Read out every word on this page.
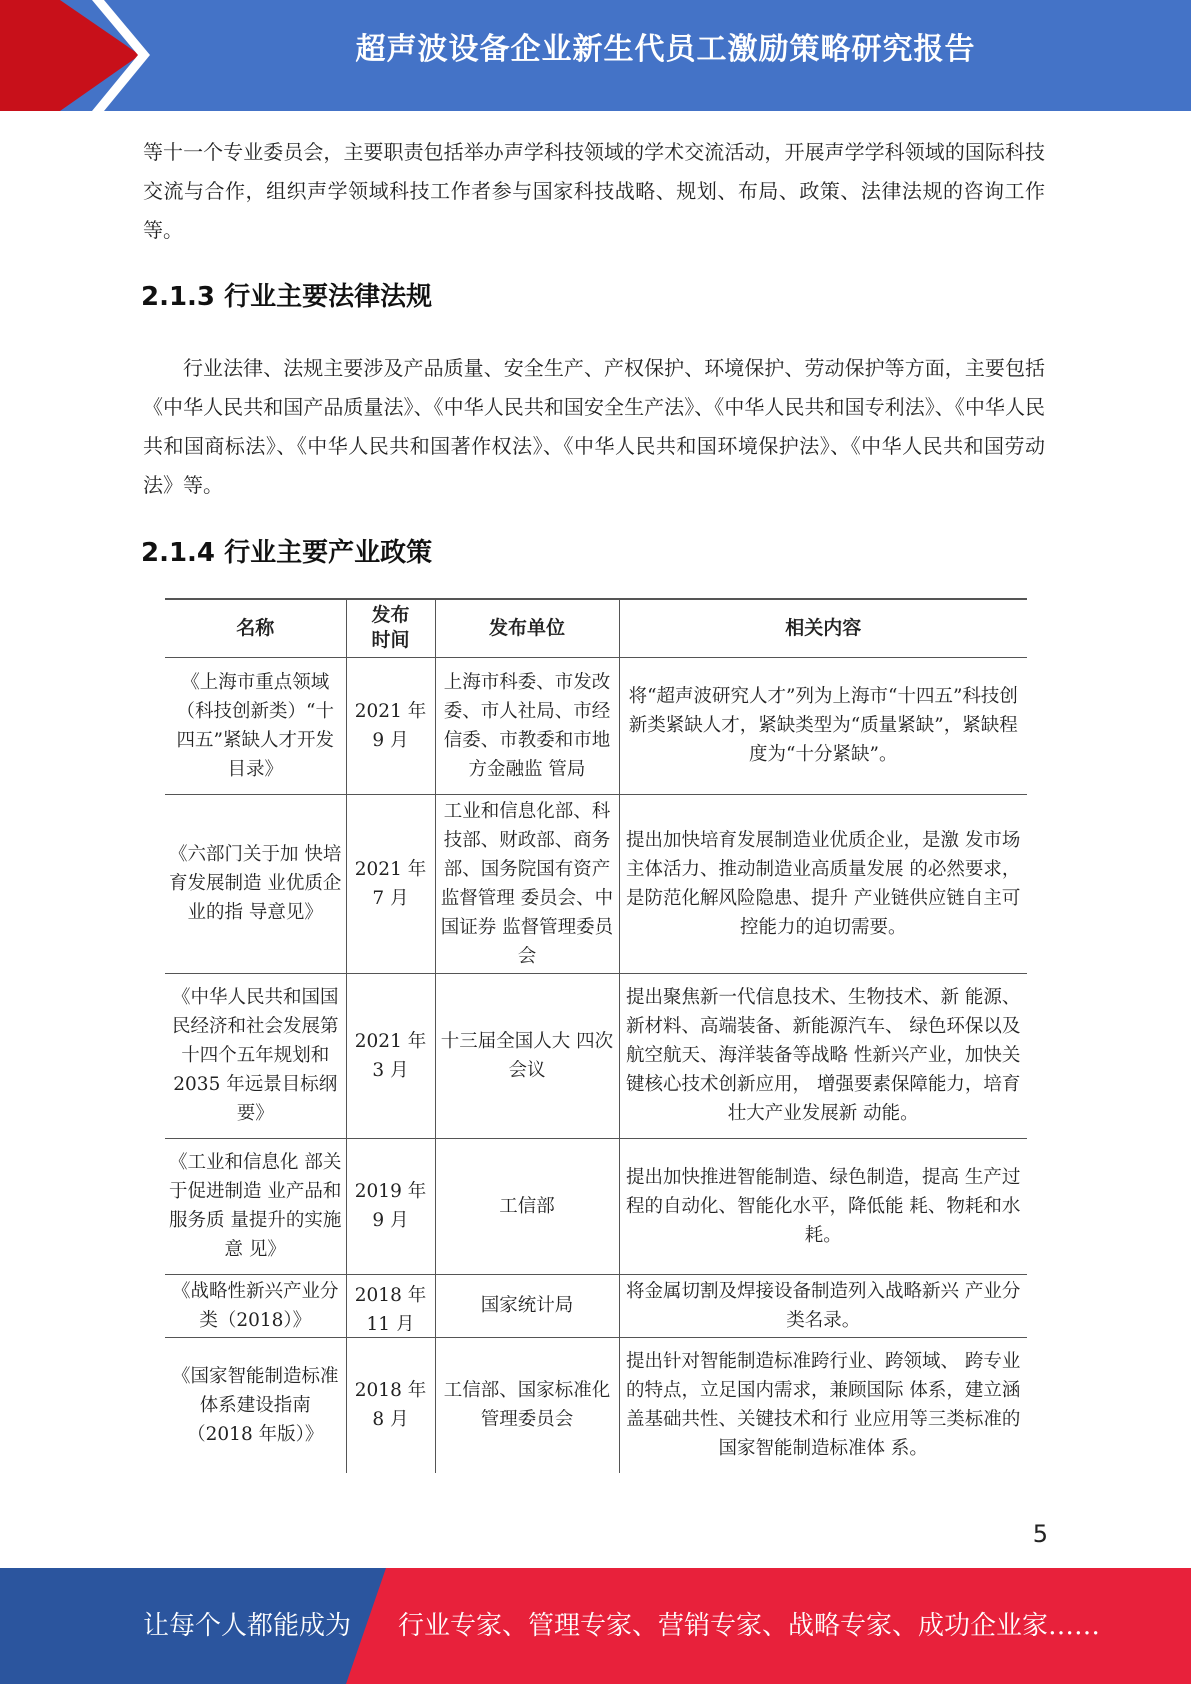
超声波设备企业新生代员工激励策略研究报告

等十一个专业委员会，主要职责包括举办声学科技领域的学术交流活动，开展声学学科领域的国际科技交流与合作，组织声学领域科技工作者参与国家科技战略、规划、布局、政策、法律法规的咨询工作等。

2.1.3 行业主要法律法规

行业法律、法规主要涉及产品质量、安全生产、产权保护、环境保护、劳动保护等方面，主要包括《中华人民共和国产品质量法》、《中华人民共和国安全生产法》、《中华人民共和国专利法》、《中华人民共和国商标法》、《中华人民共和国著作权法》、《中华人民共和国环境保护法》、《中华人民共和国劳动法》等。

2.1.4 行业主要产业政策
名称	发布时间	发布单位	相关内容
《上海市重点领域（科技创新类）“十四五”紧缺人才开发目录》	2021 年 9 月	上海市科委、市发改委、市人社局、市经信委、市教委和市地方金融监 管局	将“超声波研究人才”列为上海市“十四五”科技创新类紧缺人才，紧缺类型为“质量紧缺”，紧缺程度为“十分紧缺”。
《六部门关于加 快培育发展制造 业优质企业的指 导意见》	2021 年 7 月	工业和信息化部、科技部、财政部、商务部、国务院国有资产监督管理 委员会、中国证券 监督管理委员会	提出加快培育发展制造业优质企业，是激 发市场主体活力、推动制造业高质量发展 的必然要求，是防范化解风险隐患、提升 产业链供应链自主可控能力的迫切需要。
《中华人民共和国国民经济和社会发展第十四个五年规划和 2035 年远景目标纲 要》	2021 年 3 月	十三届全国人大 四次会议	提出聚焦新一代信息技术、生物技术、新 能源、新材料、高端装备、新能源汽车、 绿色环保以及航空航天、海洋装备等战略 性新兴产业，加快关键核心技术创新应用， 增强要素保障能力，培育壮大产业发展新 动能。
《工业和信息化 部关于促进制造 业产品和服务质 量提升的实施意 见》	2019 年 9 月	工信部	提出加快推进智能制造、绿色制造，提高 生产过程的自动化、智能化水平，降低能 耗、物耗和水耗。
《战略性新兴产业分类（2018）》	2018 年 11 月	国家统计局	将金属切割及焊接设备制造列入战略新兴 产业分类名录。
《国家智能制造标准体系建设指南（2018 年版）》	2018 年 8 月	工信部、国家标准化管理委员会	提出针对智能制造标准跨行业、跨领域、 跨专业的特点，立足国内需求，兼顾国际 体系，建立涵盖基础共性、关键技术和行 业应用等三类标准的国家智能制造标准体 系。
5
让每个人都能成为 行业专家、管理专家、营销专家、战略专家、成功企业家……
